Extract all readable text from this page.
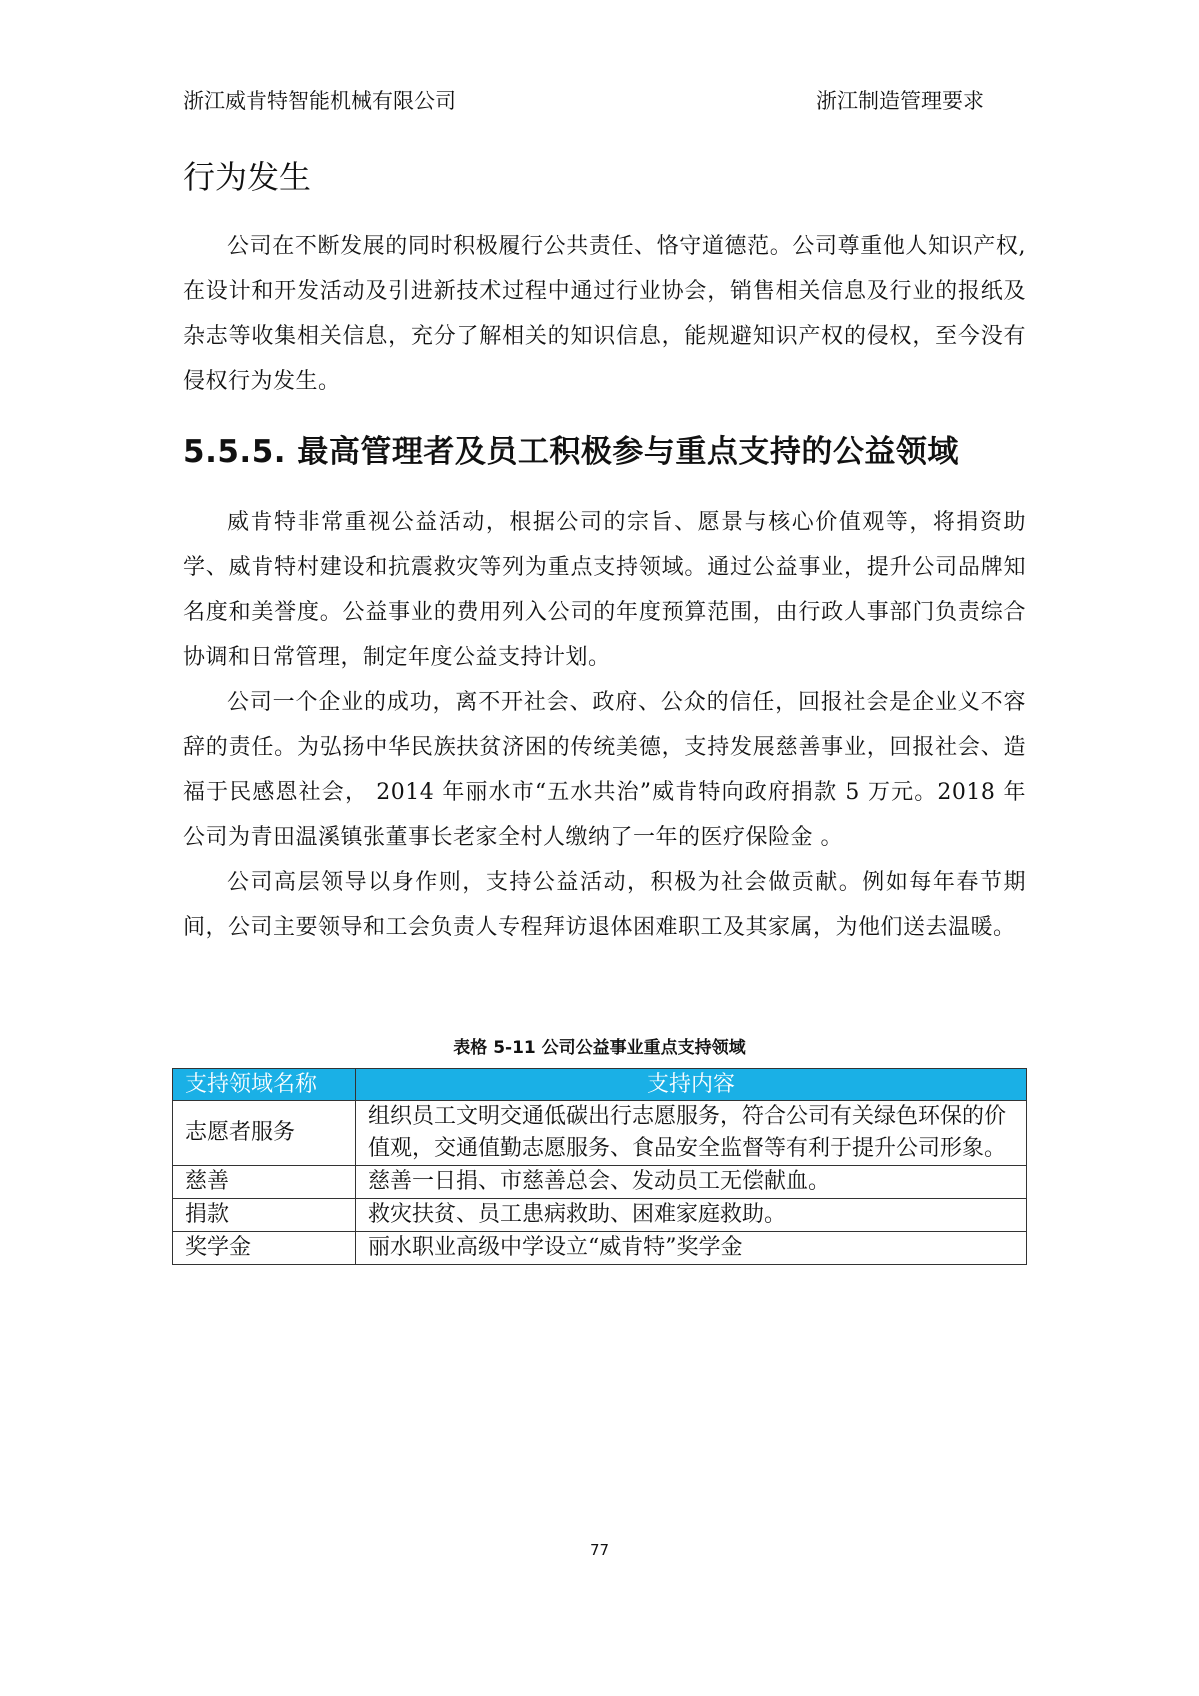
浙江威肯特智能机械有限公司	浙江制造管理要求
行为发生

公司在不断发展的同时积极履行公共责任、恪守道德范。公司尊重他人知识产权,在设计和开发活动及引进新技术过程中通过行业协会，销售相关信息及行业的报纸及杂志等收集相关信息，充分了解相关的知识信息，能规避知识产权的侵权，至今没有侵权行为发生。

5.5.5. 最高管理者及员工积极参与重点支持的公益领域

威肯特非常重视公益活动，根据公司的宗旨、愿景与核心价值观等，将捐资助学、威肯特村建设和抗震救灾等列为重点支持领域。通过公益事业，提升公司品牌知名度和美誉度。公益事业的费用列入公司的年度预算范围，由行政人事部门负责综合协调和日常管理，制定年度公益支持计划。

公司一个企业的成功，离不开社会、政府、公众的信任，回报社会是企业义不容辞的责任。为弘扬中华民族扶贫济困的传统美德，支持发展慈善事业，回报社会、造福于民感恩社会， 2014 年丽水市“五水共治”威肯特向政府捐款 5 万元。2018 年公司为青田温溪镇张董事长老家全村人缴纳了一年的医疗保险金 。

公司高层领导以身作则，支持公益活动，积极为社会做贡献。例如每年春节期间，公司主要领导和工会负责人专程拜访退体困难职工及其家属，为他们送去温暖。

表格 5-11 公司公益事业重点支持领域
支持领域名称	支持内容
志愿者服务	组织员工文明交通低碳出行志愿服务，符合公司有关绿色环保的价值观，交通值勤志愿服务、食品安全监督等有利于提升公司形象。
慈善	慈善一日捐、市慈善总会、发动员工无偿献血。
捐款	救灾扶贫、员工患病救助、困难家庭救助。
奖学金	丽水职业高级中学设立“威肯特”奖学金
77
